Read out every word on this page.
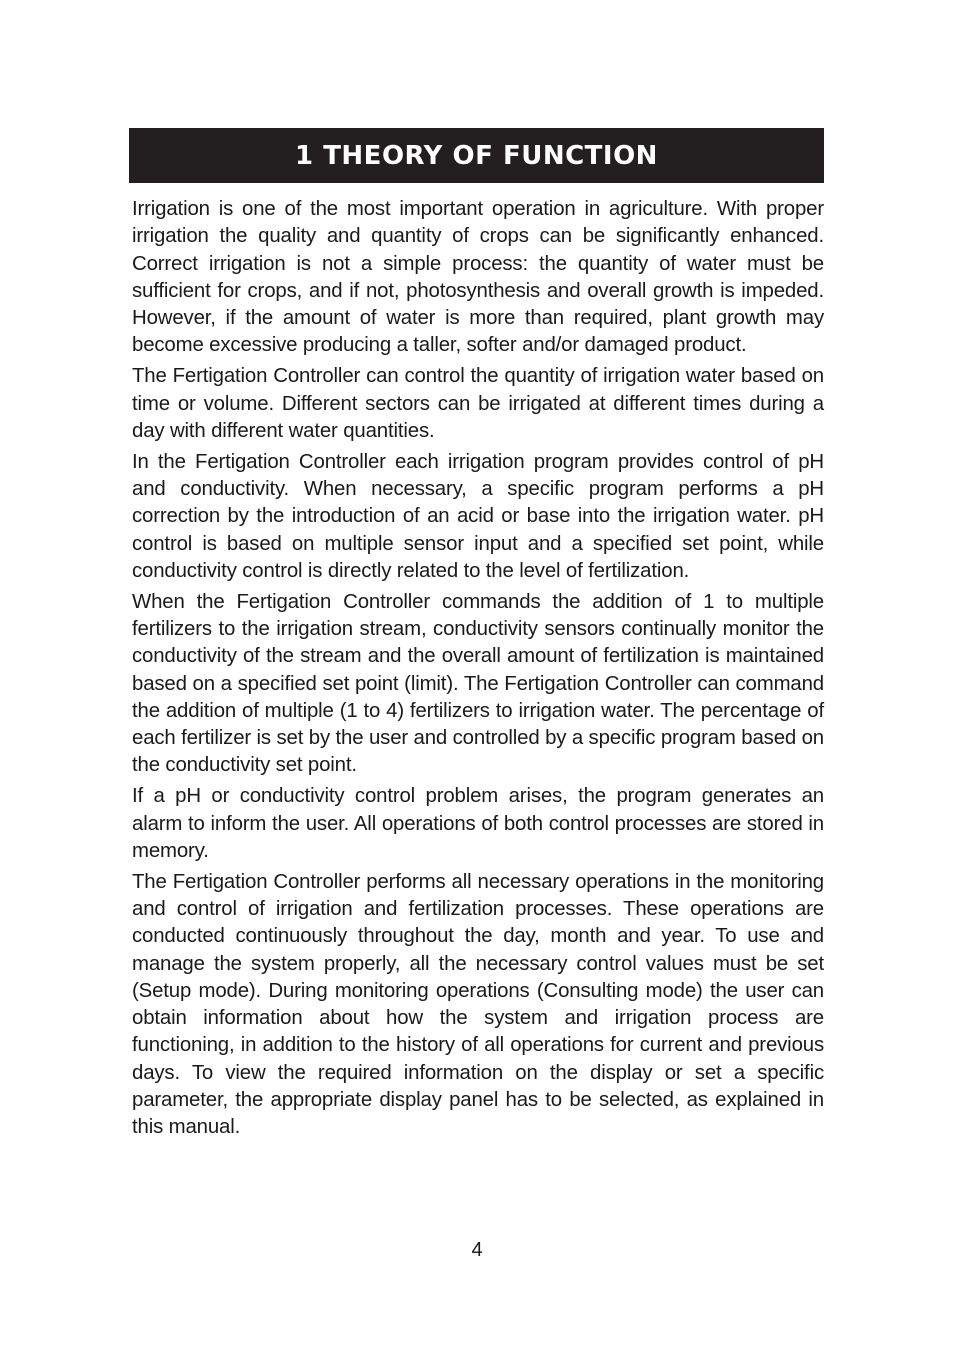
1 THEORY OF FUNCTION

Irrigation is one of the most important operation in agriculture. With proper irrigation the quality and quantity of crops can be significantly enhanced. Correct irrigation is not a simple process: the quantity of water must be sufficient for crops, and if not, photosynthesis and overall growth is impeded. However, if the amount of water is more than required, plant growth may become excessive producing a taller, softer and/or damaged product.

The Fertigation Controller can control the quantity of irrigation water based on time or volume. Different sectors can be irrigated at different times during a day with different water quantities.

In the Fertigation Controller each irrigation program provides control of pH and conductivity. When necessary, a specific program performs a pH correction by the introduction of an acid or base into the irrigation water. pH control is based on multiple sensor input and a specified set point, while conductivity control is directly related to the level of fertilization.

When the Fertigation Controller commands the addition of 1 to multiple fertilizers to the irrigation stream, conductivity sensors continually monitor the conductivity of the stream and the overall amount of fertilization is maintained based on a specified set point (limit). The Fertigation Controller can command the addition of multiple (1 to 4) fertilizers to irrigation water. The percentage of each fertilizer is set by the user and controlled by a specific program based on the conductivity set point.

If a pH or conductivity control problem arises, the program generates an alarm to inform the user. All operations of both control processes are stored in memory.

The Fertigation Controller performs all necessary operations in the monitoring and control of irrigation and fertilization processes. These operations are conducted continuously throughout the day, month and year. To use and manage the system properly, all the necessary control values must be set (Setup mode). During monitoring operations (Consulting mode) the user can obtain information about how the system and irrigation process are functioning, in addition to the history of all operations for current and previous days. To view the required information on the display or set a specific parameter, the appropriate display panel has to be selected, as explained in this manual.

4
